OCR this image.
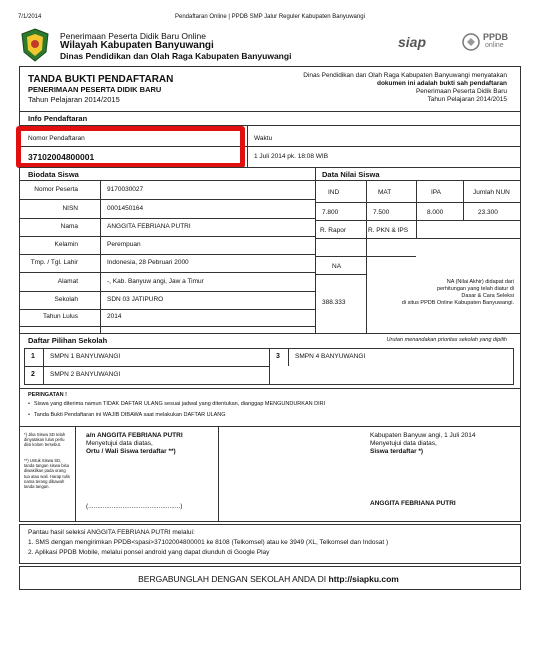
7/1/2014	Pendaftaran Online | PPDB SMP Jalur Reguler Kabupaten Banyuwangi
Penerimaan Peserta Didik Baru Online
Wilayah Kabupaten Banyuwangi
Dinas Pendidikan dan Olah Raga Kabupaten Banyuwangi
siap	PPDB
online
TANDA BUKTI PENDAFTARAN
PENERIMAAN PESERTA DIDIK BARU
Tahun Pelajaran 2014/2015
Dinas Pendidikan dan Olah Raga Kabupaten Banyuwangi menyatakan
dokumen ini adalah bukti sah pendaftaran
Penerimaan Peserta Didik Baru
Tahun Pelajaran 2014/2015
Info Pendaftaran
Nomor Pendaftaran
37102004800001
Waktu
1 Juli 2014 pk. 18:08 WIB
Biodata Siswa	Data Nilai Siswa
Nomor Peserta	9170030027
NISN	0001450164
Nama	ANGGITA FEBRIANA PUTRI
Kelamin	Perempuan
Tmp. / Tgl. Lahir	Indonesia, 28 Pebruari 2000
Alamat	-, Kab. Banyuw angi, Jaw a Timur
Sekolah	SDN 03 JATIPURO
Tahun Lulus	2014
IND	MAT	IPA	Jumlah NUN
7.800	7.500	8.000	23.300
R. Rapor	R. PKN & IPS
NA
388.333
NA (Nilai Akhir) didapat dari
perhitungan yang telah diatur di
Dasar & Cara Seleksi
di situs PPDB Online Kabupaten Banyuwangi.
Daftar Pilihan Sekolah	Urutan menandakan prioritas sekolah yang dipilih
1 SMPN 1 BANYUWANGI
2 SMPN 2 BANYUWANGI
3 SMPN 4 BANYUWANGI
PERINGATAN !
Siswa yang diterima namun TIDAK DAFTAR ULANG sesuai jadwal yang ditentukan, dianggap MENGUNDURKAN DIRI
Tanda Bukti Pendaftaran ini WAJIB DIBAWA saat melakukan DAFTAR ULANG
•
•
*) Jika Siswa SD telah dinyatakan lulus perlu diisi kolom tersebut.
**) Untuk Siswa SD, tanda tangan siswa bisa diwakilkan pada orang tua atau wali. Harap tulis nama terang dibawah tanda tangan.
a/n ANGGITA FEBRIANA PUTRI
Menyetujui data diatas,
Ortu / Wali Siswa terdaftar **)
(...................................................)
Kabupaten Banyuw angi, 1 Juli 2014
Menyetujui data diatas,
Siswa terdaftar *)
ANGGITA FEBRIANA PUTRI
Pantau hasil seleksi ANGGITA FEBRIANA PUTRI melalui:
1. SMS dengan mengirimkan PPDB<spasi>37102004800001 ke 8108 (Telkomsel) atau ke 3949 (XL, Telkomsel dan Indosat )
2. Aplikasi PPDB Mobile, melalui ponsel android yang dapat diunduh di Google Play
BERGABUNGLAH DENGAN SEKOLAH ANDA DI http://siapku.com
